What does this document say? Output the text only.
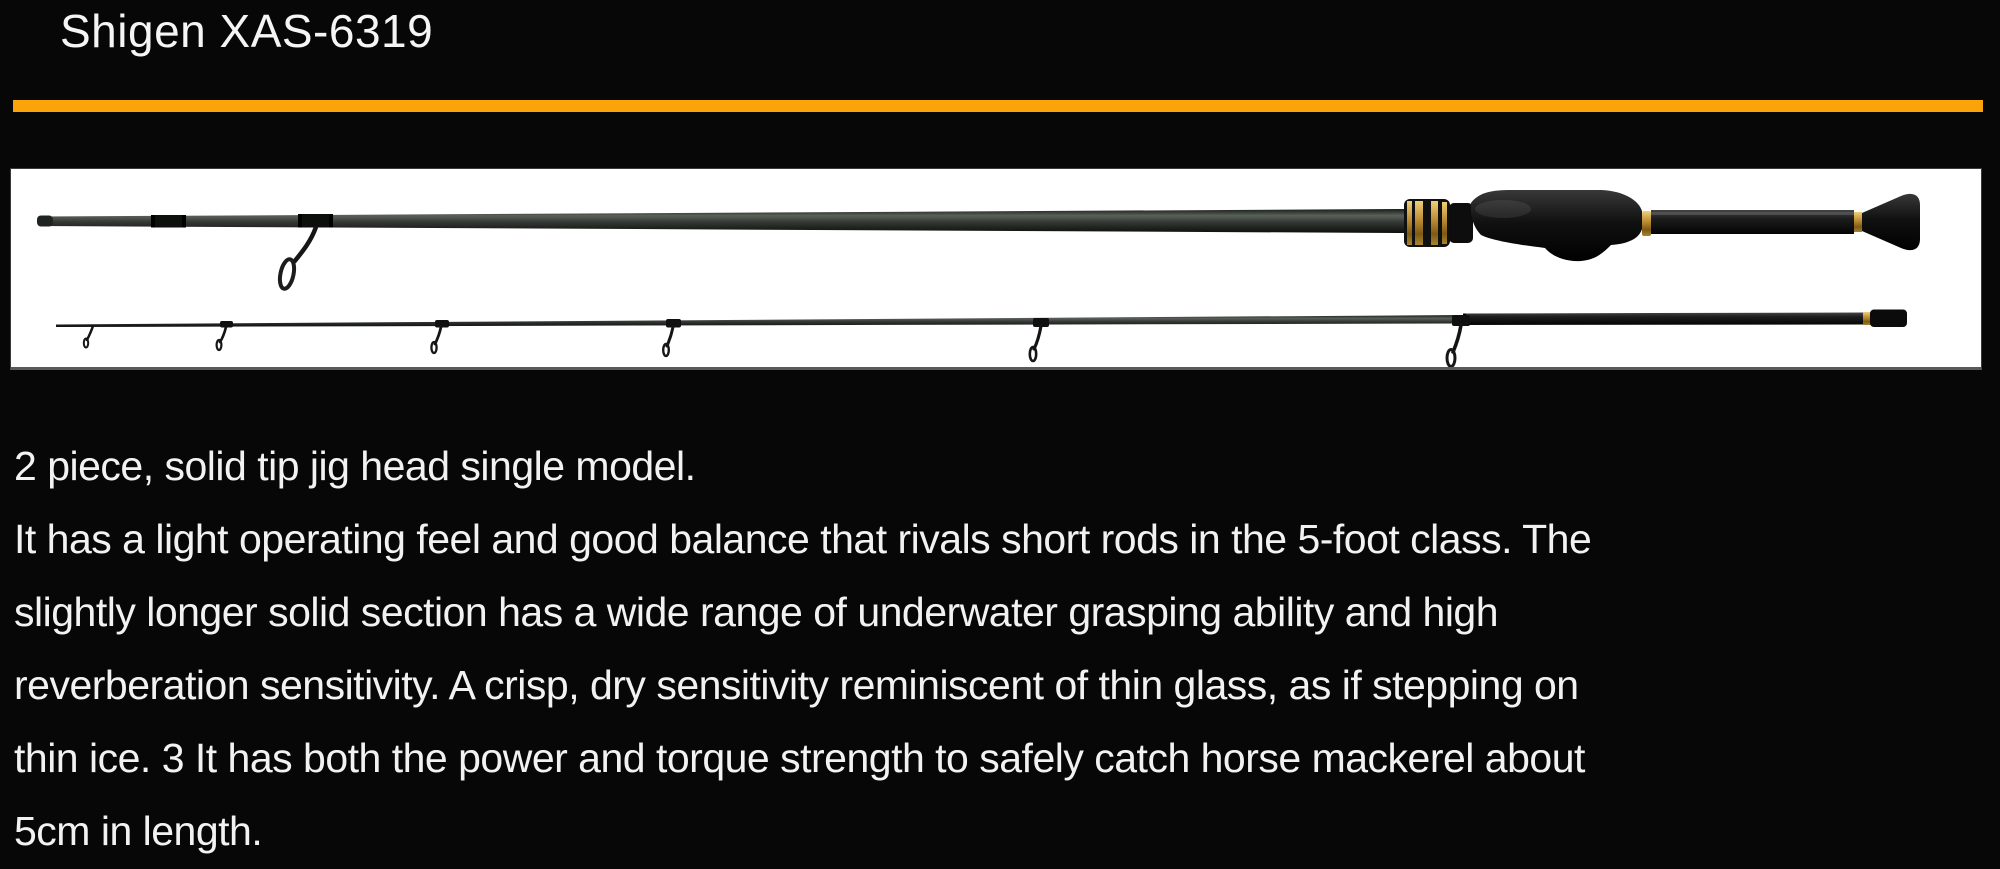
Shigen XAS-6319
2 piece, solid tip jig head single model.
It has a light operating feel and good balance that rivals short rods in the 5-foot class. The
slightly longer solid section has a wide range of underwater grasping ability and high
reverberation sensitivity. A crisp, dry sensitivity reminiscent of thin glass, as if stepping on
thin ice. 3 It has both the power and torque strength to safely catch horse mackerel about
5cm in length.
